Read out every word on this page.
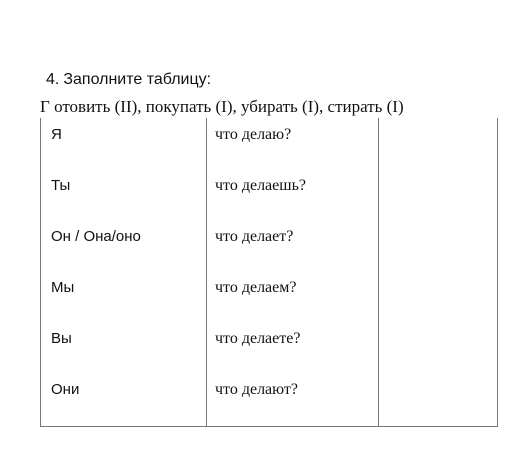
4. Заполните таблицу:
Г отовить (II), покупать (I), убирать (I), стирать (I)
Я	что делаю?
Ты	что делаешь?
Он / Она/оно	что делает?
Мы	что делаем?
Вы	что делаете?
Они	что делают?
